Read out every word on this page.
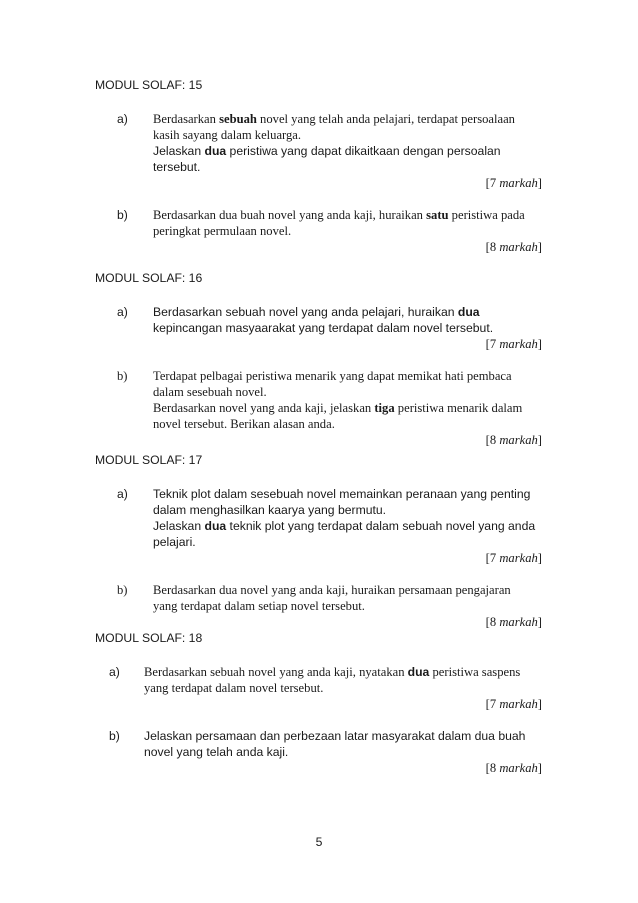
MODUL SOLAF: 15
a) Berdasarkan sebuah novel yang telah anda pelajari, terdapat persoalaan
kasih sayang dalam keluarga.
Jelaskan dua peristiwa yang dapat dikaitkaan dengan persoalan
tersebut.
[7 markah]
b) Berdasarkan dua buah novel yang anda kaji, huraikan satu peristiwa pada
peringkat permulaan novel.
[8 markah]
MODUL SOLAF: 16
a) Berdasarkan sebuah novel yang anda pelajari, huraikan dua
kepincangan masyaarakat yang terdapat dalam novel tersebut.
[7 markah]
b) Terdapat pelbagai peristiwa menarik yang dapat memikat hati pembaca
dalam sesebuah novel.
Berdasarkan novel yang anda kaji, jelaskan tiga peristiwa menarik dalam
novel tersebut. Berikan alasan anda.
[8 markah]
MODUL SOLAF: 17
a) Teknik plot dalam sesebuah novel memainkan peranaan yang penting
dalam menghasilkan kaarya yang bermutu.
Jelaskan dua teknik plot yang terdapat dalam sebuah novel yang anda
pelajari.
[7 markah]
b) Berdasarkan dua novel yang anda kaji, huraikan persamaan pengajaran
yang terdapat dalam setiap novel tersebut.
[8 markah]
MODUL SOLAF: 18
a) Berdasarkan sebuah novel yang anda kaji, nyatakan dua peristiwa saspens
yang terdapat dalam novel tersebut.
[7 markah]
b) Jelaskan persamaan dan perbezaan latar masyarakat dalam dua buah
novel yang telah anda kaji.
[8 markah]
5
